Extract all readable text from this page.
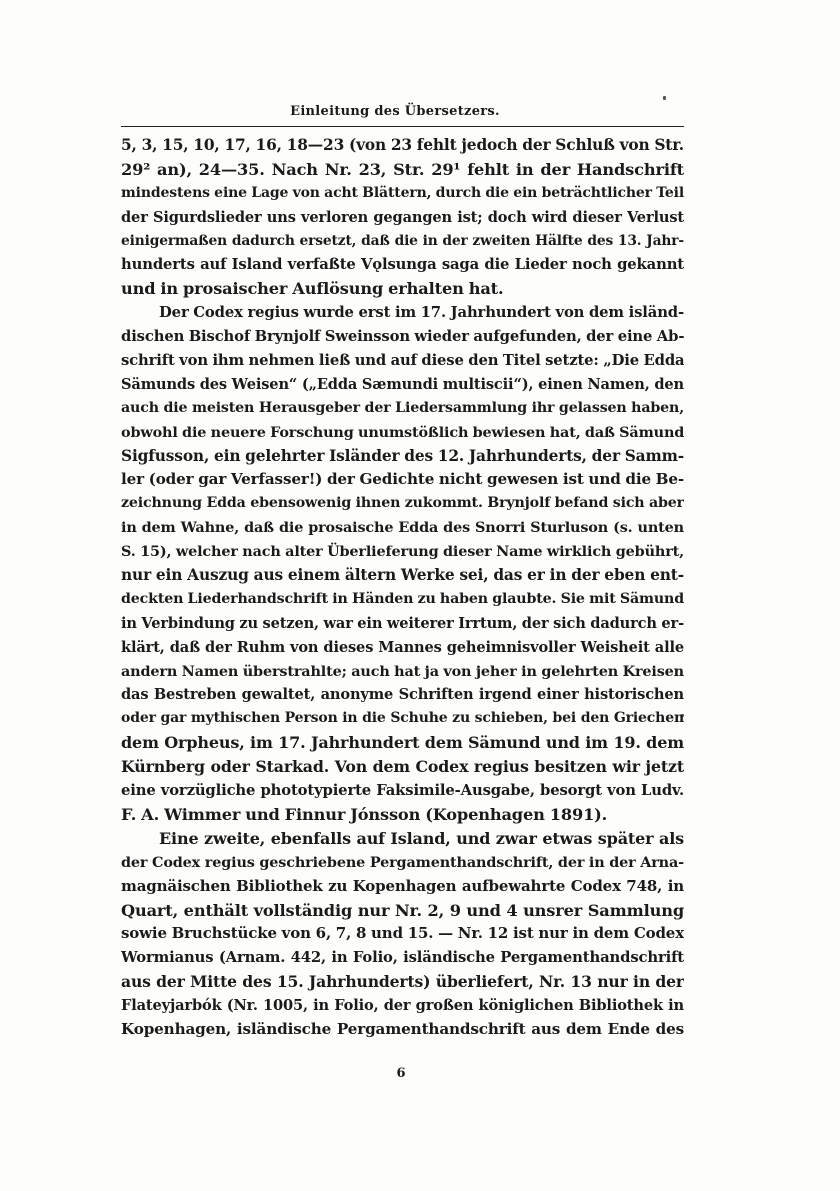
Einleitung des Übersetzers.
5, 3, 15, 10, 17, 16, 18—23 (von 23 fehlt jedoch der Schluß von Str.
29² an), 24—35. Nach Nr. 23, Str. 29¹ fehlt in der Handschrift
mindestens eine Lage von acht Blättern, durch die ein beträchtlicher Teil
der Sigurdslieder uns verloren gegangen ist; doch wird dieser Verlust
einigermaßen dadurch ersetzt, daß die in der zweiten Hälfte des 13. Jahr-
hunderts auf Island verfaßte Vǫlsunga saga die Lieder noch gekannt
und in prosaischer Auflösung erhalten hat.
Der Codex regius wurde erst im 17. Jahrhundert von dem isländ-
dischen Bischof Brynjolf Sweinsson wieder aufgefunden, der eine Ab-
schrift von ihm nehmen ließ und auf diese den Titel setzte: „Die Edda
Sämunds des Weisen“ („Edda Sæmundi multiscii“), einen Namen, den
auch die meisten Herausgeber der Liedersammlung ihr gelassen haben,
obwohl die neuere Forschung unumstößlich bewiesen hat, daß Sämund
Sigfusson, ein gelehrter Isländer des 12. Jahrhunderts, der Samm-
ler (oder gar Verfasser!) der Gedichte nicht gewesen ist und die Be-
zeichnung Edda ebensowenig ihnen zukommt. Brynjolf befand sich aber
in dem Wahne, daß die prosaische Edda des Snorri Sturluson (s. unten
S. 15), welcher nach alter Überlieferung dieser Name wirklich gebührt,
nur ein Auszug aus einem ältern Werke sei, das er in der eben ent-
deckten Liederhandschrift in Händen zu haben glaubte. Sie mit Sämund
in Verbindung zu setzen, war ein weiterer Irrtum, der sich dadurch er-
klärt, daß der Ruhm von dieses Mannes geheimnisvoller Weisheit alle
andern Namen überstrahlte; auch hat ja von jeher in gelehrten Kreisen
das Bestreben gewaltet, anonyme Schriften irgend einer historischen
oder gar mythischen Person in die Schuhe zu schieben, bei den Griechen
dem Orpheus, im 17. Jahrhundert dem Sämund und im 19. dem
Kürnberg oder Starkad. Von dem Codex regius besitzen wir jetzt
eine vorzügliche phototypierte Faksimile-Ausgabe, besorgt von Ludv.
F. A. Wimmer und Finnur Jónsson (Kopenhagen 1891).
Eine zweite, ebenfalls auf Island, und zwar etwas später als
der Codex regius geschriebene Pergamenthandschrift, der in der Arna-
magnäischen Bibliothek zu Kopenhagen aufbewahrte Codex 748, in
Quart, enthält vollständig nur Nr. 2, 9 und 4 unsrer Sammlung
sowie Bruchstücke von 6, 7, 8 und 15. — Nr. 12 ist nur in dem Codex
Wormianus (Arnam. 442, in Folio, isländische Pergamenthandschrift
aus der Mitte des 15. Jahrhunderts) überliefert, Nr. 13 nur in der
Flateyjarbók (Nr. 1005, in Folio, der großen königlichen Bibliothek in
Kopenhagen, isländische Pergamenthandschrift aus dem Ende des
6
